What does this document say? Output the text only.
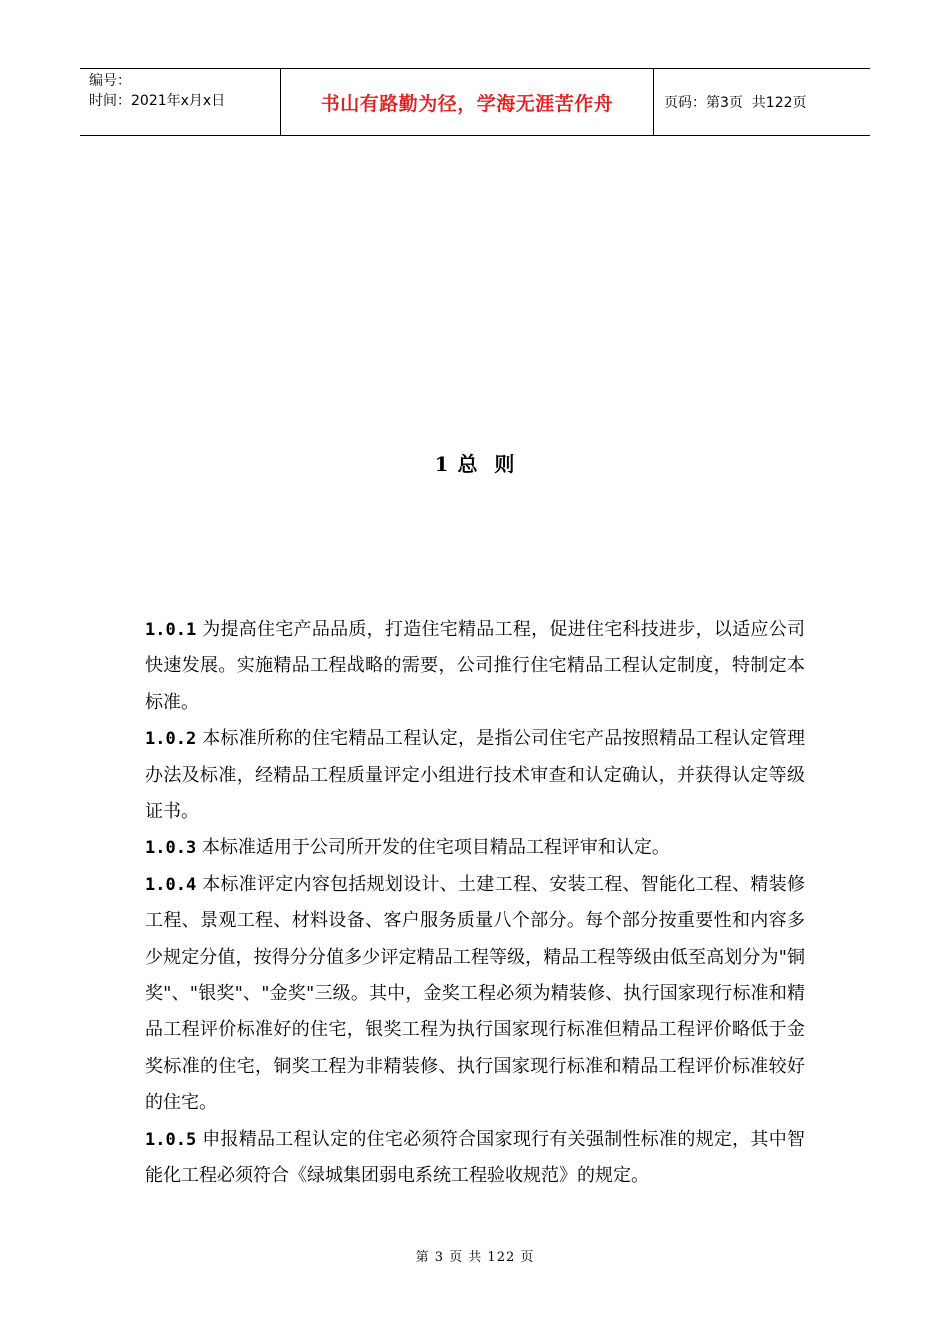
编号：
时间：2021年x月x日	书山有路勤为径，学海无涯苦作舟	页码：第3页  共122页
1 总  则

1.0.1 为提高住宅产品品质，打造住宅精品工程，促进住宅科技进步，以适应公司快速发展。实施精品工程战略的需要，公司推行住宅精品工程认定制度，特制定本标准。

1.0.2 本标准所称的住宅精品工程认定，是指公司住宅产品按照精品工程认定管理办法及标准，经精品工程质量评定小组进行技术审查和认定确认，并获得认定等级证书。

1.0.3 本标准适用于公司所开发的住宅项目精品工程评审和认定。

1.0.4 本标准评定内容包括规划设计、土建工程、安装工程、智能化工程、精装修工程、景观工程、材料设备、客户服务质量八个部分。每个部分按重要性和内容多少规定分值，按得分分值多少评定精品工程等级，精品工程等级由低至高划分为"铜奖"、"银奖"、"金奖"三级。其中，金奖工程必须为精装修、执行国家现行标准和精品工程评价标准好的住宅，银奖工程为执行国家现行标准但精品工程评价略低于金奖标准的住宅，铜奖工程为非精装修、执行国家现行标准和精品工程评价标准较好的住宅。

1.0.5 申报精品工程认定的住宅必须符合国家现行有关强制性标准的规定，其中智能化工程必须符合《绿城集团弱电系统工程验收规范》的规定。

第 3 页 共 122 页
